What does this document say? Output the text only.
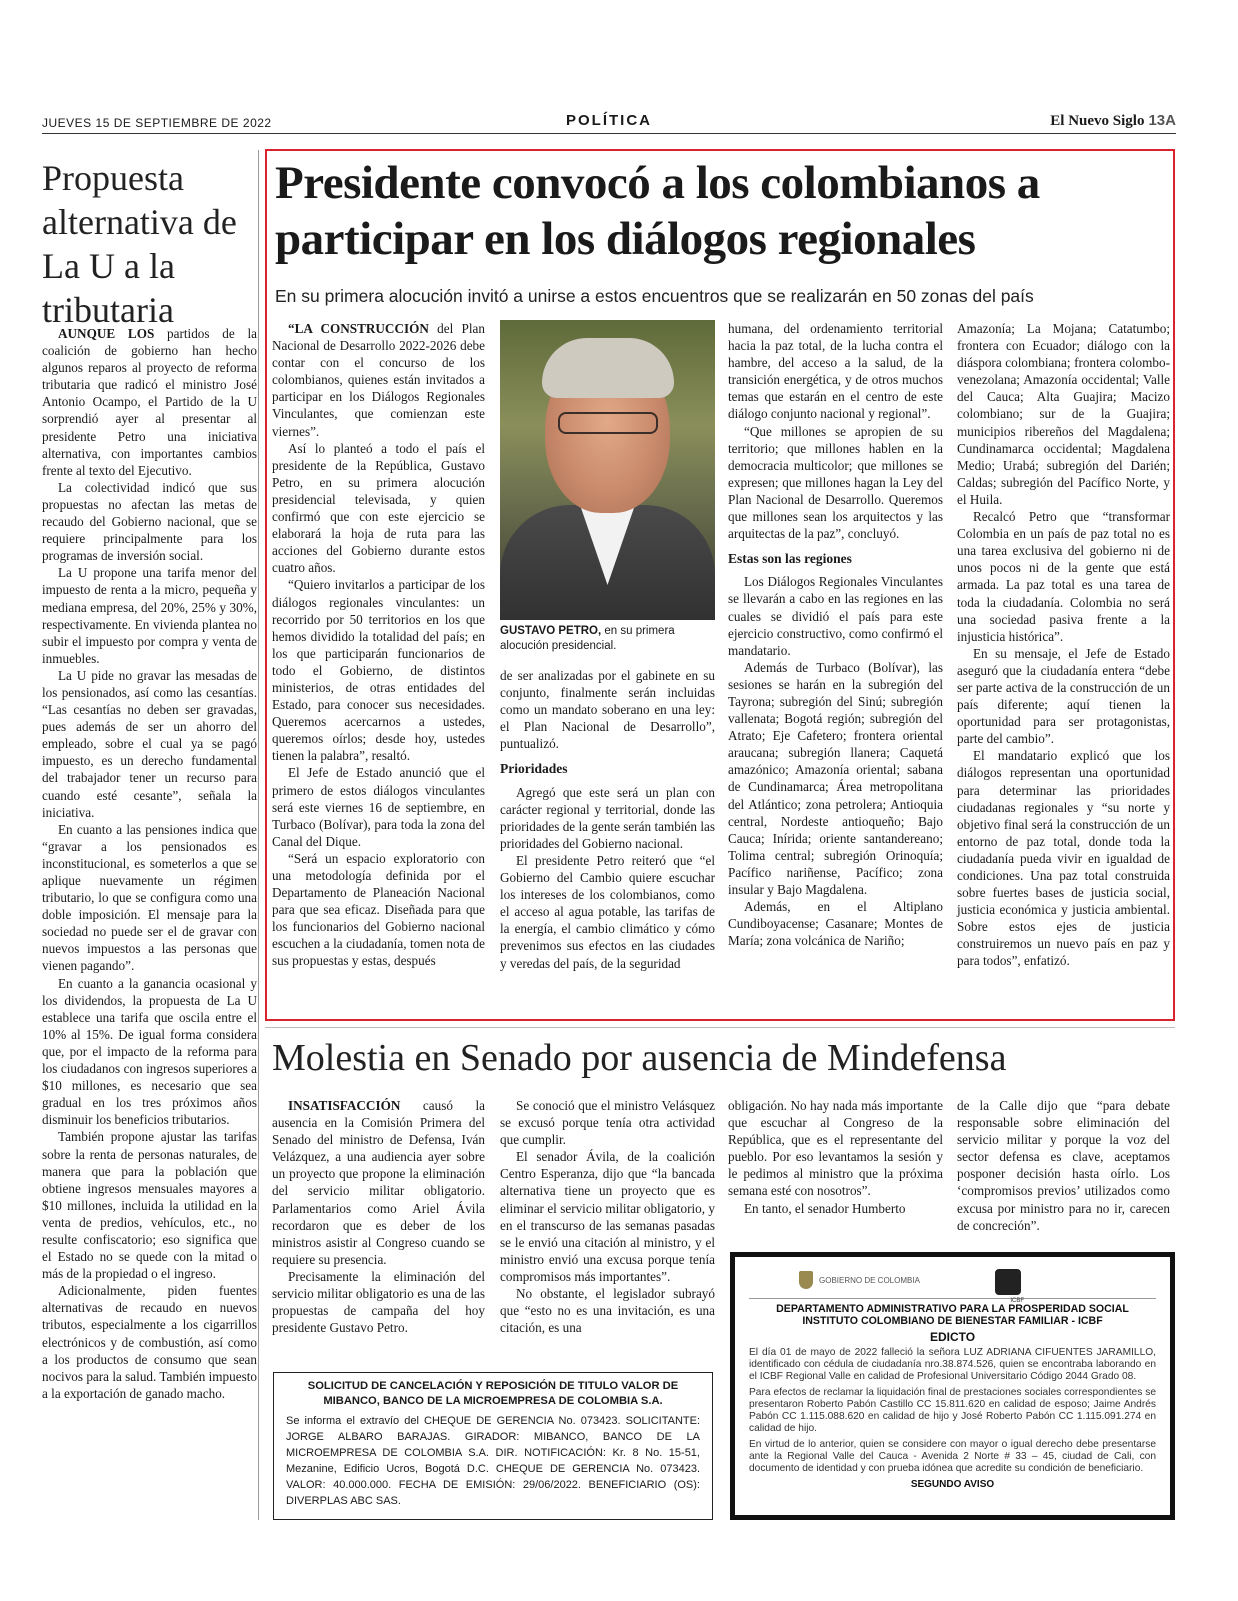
JUEVES 15 DE SEPTIEMBRE DE 2022	POLÍTICA	El Nuevo Siglo 13A
Propuesta alternativa de La U a la tributaria

AUNQUE LOS partidos de la coalición de gobierno han hecho algunos reparos al proyecto de reforma tributaria que radicó el ministro José Antonio Ocampo, el Partido de la U sorprendió ayer al presentar al presidente Petro una iniciativa alternativa, con importantes cambios frente al texto del Ejecutivo.

La colectividad indicó que sus propuestas no afectan las metas de recaudo del Gobierno nacional, que se requiere principalmente para los programas de inversión social.

La U propone una tarifa menor del impuesto de renta a la micro, pequeña y mediana empresa, del 20%, 25% y 30%, respectivamente. En vivienda plantea no subir el impuesto por compra y venta de inmuebles.

La U pide no gravar las mesadas de los pensionados, así como las cesantías. “Las cesantías no deben ser gravadas, pues además de ser un ahorro del empleado, sobre el cual ya se pagó impuesto, es un derecho fundamental del trabajador tener un recurso para cuando esté cesante”, señala la iniciativa.

En cuanto a las pensiones indica que “gravar a los pensionados es inconstitucional, es someterlos a que se aplique nuevamente un régimen tributario, lo que se configura como una doble imposición. El mensaje para la sociedad no puede ser el de gravar con nuevos impuestos a las personas que vienen pagando”.

En cuanto a la ganancia ocasional y los dividendos, la propuesta de La U establece una tarifa que oscila entre el 10% al 15%. De igual forma considera que, por el impacto de la reforma para los ciudadanos con ingresos superiores a $10 millones, es necesario que sea gradual en los tres próximos años disminuir los beneficios tributarios.

También propone ajustar las tarifas sobre la renta de personas naturales, de manera que para la población que obtiene ingresos mensuales mayores a $10 millones, incluida la utilidad en la venta de predios, vehículos, etc., no resulte confiscatorio; eso significa que el Estado no se quede con la mitad o más de la propiedad o el ingreso.

Adicionalmente, piden fuentes alternativas de recaudo en nuevos tributos, especialmente a los cigarrillos electrónicos y de combustión, así como a los productos de consumo que sean nocivos para la salud. También impuesto a la exportación de ganado macho.

Presidente convocó a los colombianos a participar en los diálogos regionales
En su primera alocución invitó a unirse a estos encuentros que se realizarán en 50 zonas del país

“LA CONSTRUCCIÓN del Plan Nacional de Desarrollo 2022-2026 debe contar con el concurso de los colombianos, quienes están invitados a participar en los Diálogos Regionales Vinculantes, que comienzan este viernes”.

Así lo planteó a todo el país el presidente de la República, Gustavo Petro, en su primera alocución presidencial televisada, y quien confirmó que con este ejercicio se elaborará la hoja de ruta para las acciones del Gobierno durante estos cuatro años.

“Quiero invitarlos a participar de los diálogos regionales vinculantes: un recorrido por 50 territorios en los que hemos dividido la totalidad del país; en los que participarán funcionarios de todo el Gobierno, de distintos ministerios, de otras entidades del Estado, para conocer sus necesidades. Queremos acercarnos a ustedes, queremos oírlos; desde hoy, ustedes tienen la palabra”, resaltó.

El Jefe de Estado anunció que el primero de estos diálogos vinculantes será este viernes 16 de septiembre, en Turbaco (Bolívar), para toda la zona del Canal del Dique.

“Será un espacio exploratorio con una metodología definida por el Departamento de Planeación Nacional para que sea eficaz. Diseñada para que los funcionarios del Gobierno nacional escuchen a la ciudadanía, tomen nota de sus propuestas y estas, después

GUSTAVO PETRO, en su primera alocución presidencial.

de ser analizadas por el gabinete en su conjunto, finalmente serán incluidas como un mandato soberano en una ley: el Plan Nacional de Desarrollo”, puntualizó.

Prioridades

Agregó que este será un plan con carácter regional y territorial, donde las prioridades de la gente serán también las prioridades del Gobierno nacional.

El presidente Petro reiteró que “el Gobierno del Cambio quiere escuchar los intereses de los colombianos, como el acceso al agua potable, las tarifas de la energía, el cambio climático y cómo prevenimos sus efectos en las ciudades y veredas del país, de la seguridad

humana, del ordenamiento territorial hacia la paz total, de la lucha contra el hambre, del acceso a la salud, de la transición energética, y de otros muchos temas que estarán en el centro de este diálogo conjunto nacional y regional”.

“Que millones se apropien de su territorio; que millones hablen en la democracia multicolor; que millones se expresen; que millones hagan la Ley del Plan Nacional de Desarrollo. Queremos que millones sean los arquitectos y las arquitectas de la paz”, concluyó.

Estas son las regiones

Los Diálogos Regionales Vinculantes se llevarán a cabo en las regiones en las cuales se dividió el país para este ejercicio constructivo, como confirmó el mandatario.

Además de Turbaco (Bolívar), las sesiones se harán en la subregión del Tayrona; subregión del Sinú; subregión vallenata; Bogotá región; subregión del Atrato; Eje Cafetero; frontera oriental araucana; subregión llanera; Caquetá amazónico; Amazonía oriental; sabana de Cundinamarca; Área metropolitana del Atlántico; zona petrolera; Antioquia central, Nordeste antioqueño; Bajo Cauca; Inírida; oriente santandereano; Tolima central; subregión Orinoquía; Pacífico nariñense, Pacífico; zona insular y Bajo Magdalena.

Además, en el Altiplano Cundiboyacense; Casanare; Montes de María; zona volcánica de Nariño;

Amazonía; La Mojana; Catatumbo; frontera con Ecuador; diálogo con la diáspora colombiana; frontera colombo-venezolana; Amazonía occidental; Valle del Cauca; Alta Guajira; Macizo colombiano; sur de la Guajira; municipios ribereños del Magdalena; Cundinamarca occidental; Magdalena Medio; Urabá; subregión del Darién; Caldas; subregión del Pacífico Norte, y el Huila.

Recalcó Petro que “transformar Colombia en un país de paz total no es una tarea exclusiva del gobierno ni de unos pocos ni de la gente que está armada. La paz total es una tarea de toda la ciudadanía. Colombia no será una sociedad pasiva frente a la injusticia histórica”.

En su mensaje, el Jefe de Estado aseguró que la ciudadanía entera “debe ser parte activa de la construcción de un país diferente; aquí tienen la oportunidad para ser protagonistas, parte del cambio”.

El mandatario explicó que los diálogos representan una oportunidad para determinar las prioridades ciudadanas regionales y “su norte y objetivo final será la construcción de un entorno de paz total, donde toda la ciudadanía pueda vivir en igualdad de condiciones. Una paz total construida sobre fuertes bases de justicia social, justicia económica y justicia ambiental. Sobre estos ejes de justicia construiremos un nuevo país en paz y para todos”, enfatizó.

Molestia en Senado por ausencia de Mindefensa

INSATISFACCIÓN causó la ausencia en la Comisión Primera del Senado del ministro de Defensa, Iván Velázquez, a una audiencia ayer sobre un proyecto que propone la eliminación del servicio militar obligatorio. Parlamentarios como Ariel Ávila recordaron que es deber de los ministros asistir al Congreso cuando se requiere su presencia.

Precisamente la eliminación del servicio militar obligatorio es una de las propuestas de campaña del hoy presidente Gustavo Petro.

Se conoció que el ministro Velásquez se excusó porque tenía otra actividad que cumplir.

El senador Ávila, de la coalición Centro Esperanza, dijo que “la bancada alternativa tiene un proyecto que es eliminar el servicio militar obligatorio, y en el transcurso de las semanas pasadas se le envió una citación al ministro, y el ministro envió una excusa porque tenía compromisos más importantes”.

No obstante, el legislador subrayó que “esto no es una invitación, es una citación, es una

obligación. No hay nada más importante que escuchar al Congreso de la República, que es el representante del pueblo. Por eso levantamos la sesión y le pedimos al ministro que la próxima semana esté con nosotros”.

En tanto, el senador Humberto

de la Calle dijo que “para debate responsable sobre eliminación del servicio militar y porque la voz del sector defensa es clave, aceptamos posponer decisión hasta oírlo. Los ‘compromisos previos’ utilizados como excusa por ministro para no ir, carecen de concreción”.

SOLICITUD DE CANCELACIÓN Y REPOSICIÓN DE TITULO VALOR DE MIBANCO, BANCO DE LA MICROEMPRESA DE COLOMBIA S.A.
Se informa el extravío del CHEQUE DE GERENCIA No. 073423. SOLICITANTE: JORGE ALBARO BARAJAS. GIRADOR: MIBANCO, BANCO DE LA MICROEMPRESA DE COLOMBIA S.A. DIR. NOTIFICACIÓN: Kr. 8 No. 15-51, Mezanine, Edificio Ucros, Bogotá D.C. CHEQUE DE GERENCIA No. 073423. VALOR: 40.000.000. FECHA DE EMISIÓN: 29/06/2022. BENEFICIARIO (OS): DIVERPLAS ABC SAS.
GOBIERNO DE COLOMBIA
ICBF
DEPARTAMENTO ADMINISTRATIVO PARA LA PROSPERIDAD SOCIAL INSTITUTO COLOMBIANO DE BIENESTAR FAMILIAR - ICBF
EDICTO

El día 01 de mayo de 2022 falleció la señora LUZ ADRIANA CIFUENTES JARAMILLO, identificado con cédula de ciudadanía nro.38.874.526, quien se encontraba laborando en el ICBF Regional Valle en calidad de Profesional Universitario Código 2044 Grado 08.

Para efectos de reclamar la liquidación final de prestaciones sociales correspondientes se presentaron Roberto Pabón Castillo CC 15.811.620 en calidad de esposo; Jaime Andrés Pabón CC 1.115.088.620 en calidad de hijo y José Roberto Pabón CC 1.115.091.274 en calidad de hijo.

En virtud de lo anterior, quien se considere con mayor o igual derecho debe presentarse ante la Regional Valle del Cauca - Avenida 2 Norte # 33 – 45, ciudad de Cali, con documento de identidad y con prueba idónea que acredite su condición de beneficiario.

SEGUNDO AVISO
